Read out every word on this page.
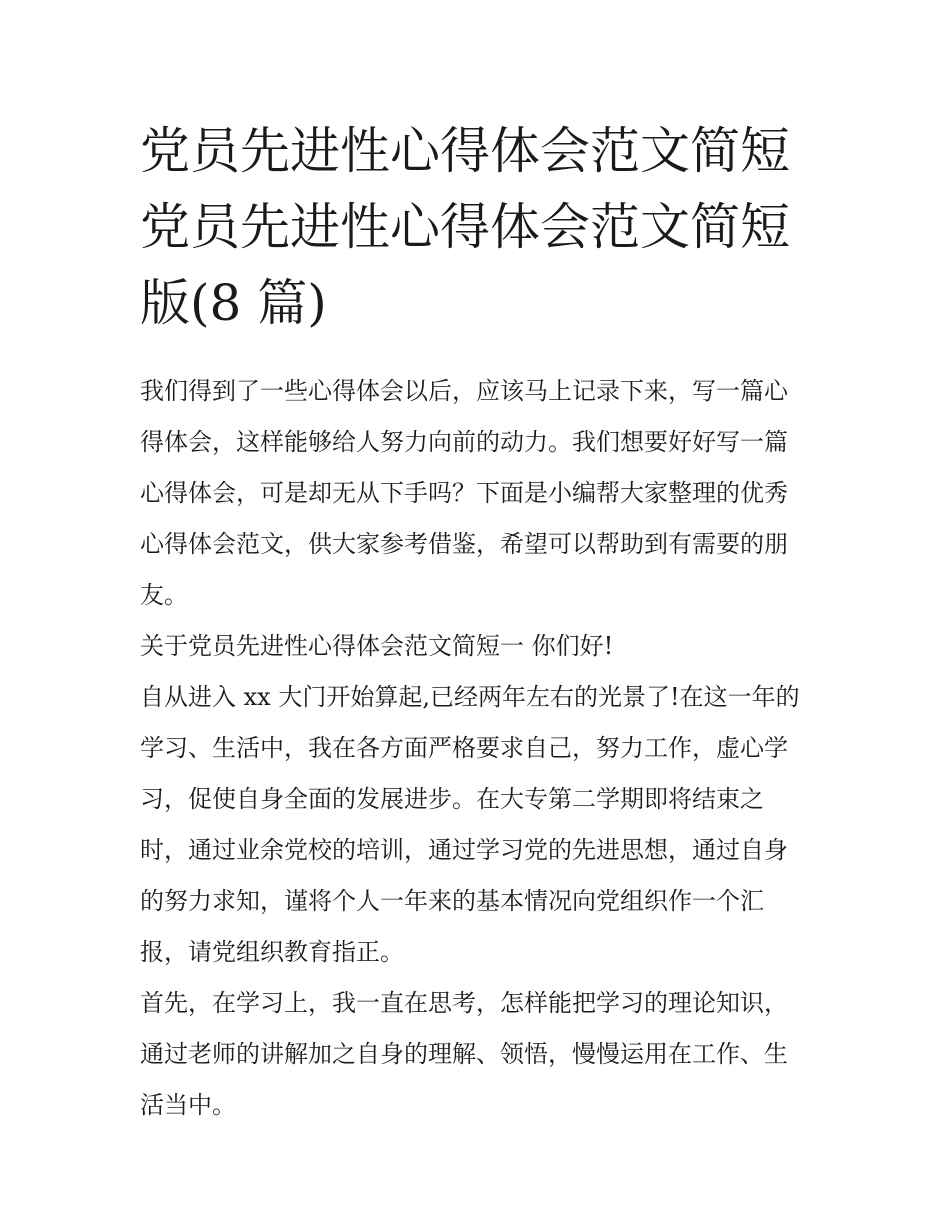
党员先进性心得体会范文简短
党员先进性心得体会范文简短
版(8 篇)

我们得到了一些心得体会以后，应该马上记录下来，写一篇心
得体会，这样能够给人努力向前的动力。我们想要好好写一篇
心得体会，可是却无从下手吗？下面是小编帮大家整理的优秀
心得体会范文，供大家参考借鉴，希望可以帮助到有需要的朋
友。

关于党员先进性心得体会范文简短一 你们好!

自从进入 xx 大门开始算起,已经两年左右的光景了!在这一年的
学习、生活中，我在各方面严格要求自己，努力工作，虚心学
习，促使自身全面的发展进步。在大专第二学期即将结束之
时，通过业余党校的培训，通过学习党的先进思想，通过自身
的努力求知，谨将个人一年来的基本情况向党组织作一个汇
报，请党组织教育指正。

首先，在学习上，我一直在思考，怎样能把学习的理论知识，
通过老师的讲解加之自身的理解、领悟，慢慢运用在工作、生
活当中。
